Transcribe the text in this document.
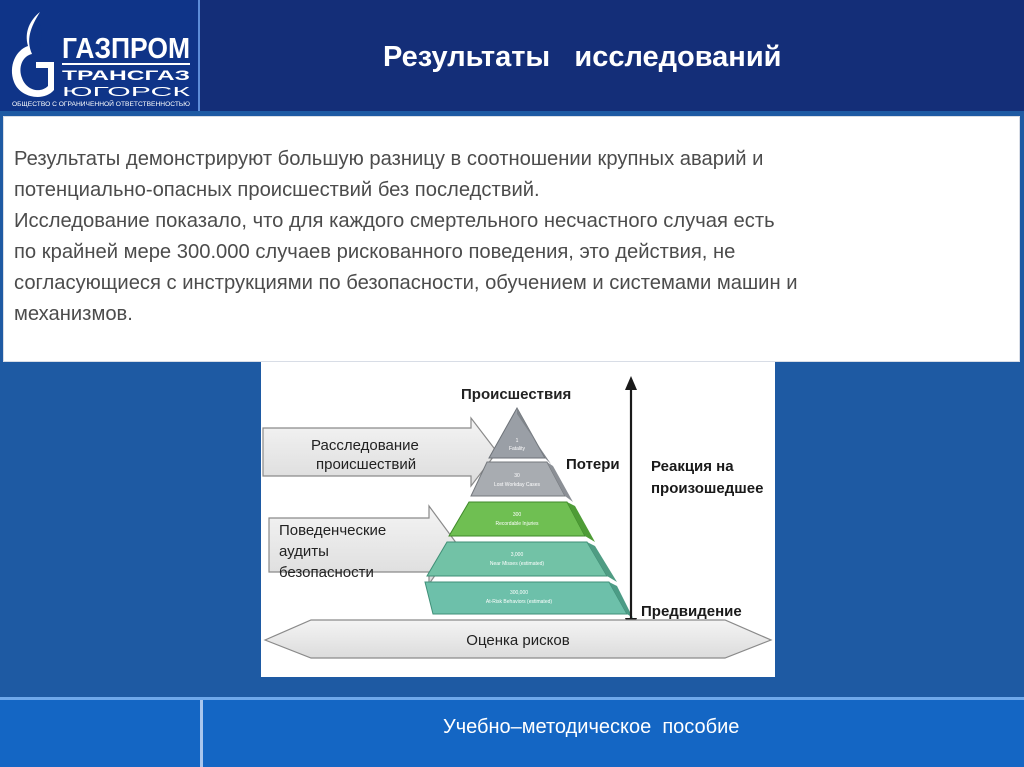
ГАЗПРОМ
ТРАНСГАЗ
ЮГОРСК
ОБЩЕСТВО С ОГРАНИЧЕННОЙ ОТВЕТСТВЕННОСТЬЮ
Результаты   исследований
Результаты демонстрируют большую разницу в соотношении крупных аварий и
потенциально-опасных происшествий без последствий.
Исследование показало, что для каждого смертельного несчастного случая есть
по крайней мере 300.000 случаев рискованного поведения, это действия, не
согласующиеся с инструкциями по безопасности, обучением и системами машин и
механизмов.
Происшествия
Расследование
происшествий
Поведенческие
аудиты
безопасности
1
Fatality
30
Lost Workday Cases
300
Recordable Injuries
3,000
Near Misses (estimated)
300,000
At-Risk Behaviors (estimated)
Потери Реакция на
произошедшее
Предвидение
Оценка рисков
Учебно–методическое  пособие
